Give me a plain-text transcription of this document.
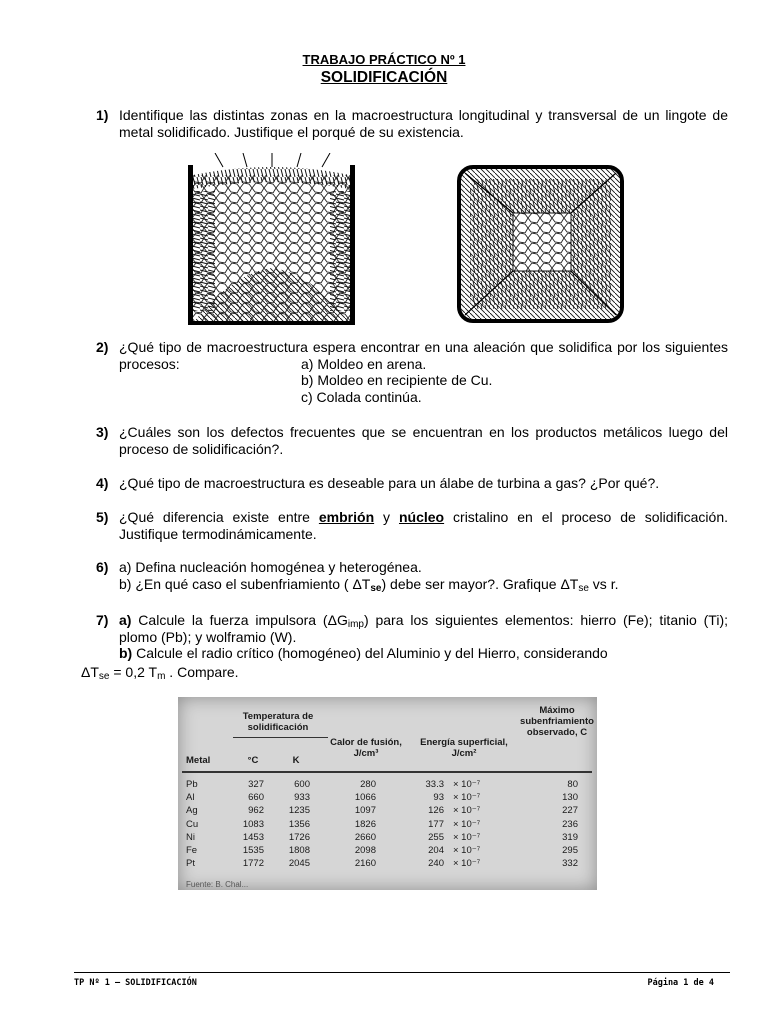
TRABAJO PRÁCTICO Nº 1
SOLIDIFICACIÓN
1) Identifique las distintas zonas en la macroestructura longitudinal y transversal de un lingote de metal solidificado. Justifique el porqué de su existencia.
2) ¿Qué tipo de macroestructura espera encontrar en una aleación que solidifica por los siguientes procesos:	a) Moldeo en arena.
b) Moldeo en recipiente de Cu.
c) Colada continúa.
3) ¿Cuáles son los defectos frecuentes que se encuentran en los productos metálicos luego del proceso de solidificación?.
4) ¿Qué tipo de macroestructura es deseable para un álabe de turbina a gas? ¿Por qué?.
5) ¿Qué diferencia existe entre embrión y núcleo cristalino en el proceso de solidificación. Justifique termodinámicamente.
6) a) Defina nucleación homogénea y heterogénea.
b) ¿En qué caso el subenfriamiento ( $\Delta T_{se}$) debe ser mayor?. Grafique $\Delta T_{se}$ vs r.
7) a) Calcule la fuerza impulsora $(\Delta G_{imp})$ para los siguientes elementos: hierro (Fe); titanio (Ti); plomo (Pb); y wolframio (W).
b) Calcule el radio crítico (homogéneo) del Aluminio y del Hierro, considerando
$\Delta T_{se} = 0,2$ $T_m$ . Compare.
Temperatura de solidificación
Metal	°C	K
Calor de fusión, J/cm³
Energía superficial, J/cm²
Máximo subenfriamiento observado, C
Pb	327	600	280	33.3 × 10⁻⁷	80
Al	660	933	1066	93 × 10⁻⁷	130
Ag	962	1235	1097	126 × 10⁻⁷	227
Cu	1083	1356	1826	177 × 10⁻⁷	236
Ni	1453	1726	2660	255 × 10⁻⁷	319
Fe	1535	1808	2098	204 × 10⁻⁷	295
Pt	1772	2045	2160	240 × 10⁻⁷	332
Fuente: B. Chal...
TP Nº 1 – SOLIDIFICACIÓN	Página 1 de 4
